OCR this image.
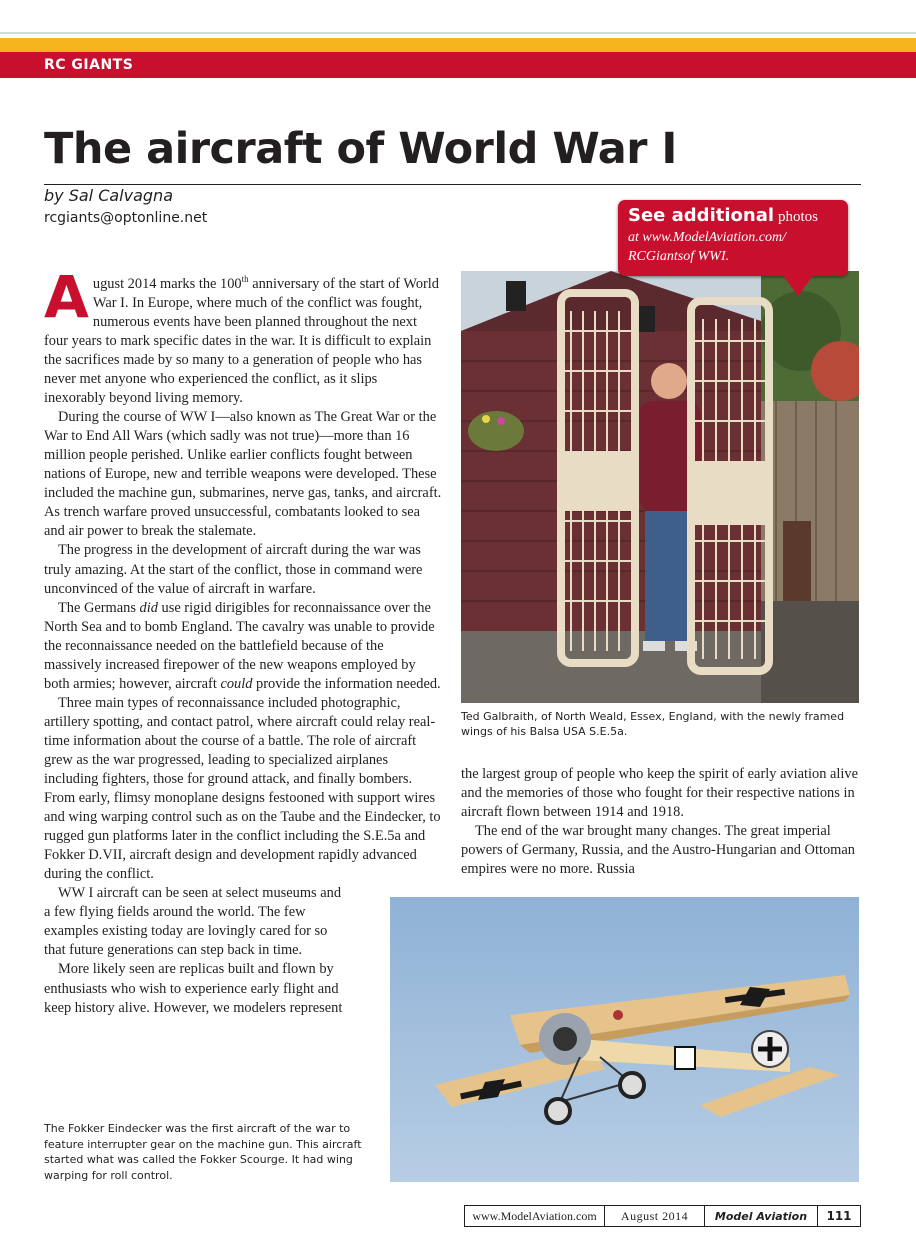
RC GIANTS
The aircraft of World War I
by Sal Calvagna
rcgiants@optonline.net

August 2014 marks the 100th anniversary of the start of World War I. In Europe, where much of the conflict was fought, numerous events have been planned throughout the next four years to mark specific dates in the war. It is difficult to explain the sacrifices made by so many to a generation of people who has never met anyone who experienced the conflict, as it slips inexorably beyond living memory.

During the course of WW I—also known as The Great War or the War to End All Wars (which sadly was not true)—more than 16 million people perished. Unlike earlier conflicts fought between nations of Europe, new and terrible weapons were developed. These included the machine gun, submarines, nerve gas, tanks, and aircraft. As trench warfare proved unsuccessful, combatants looked to sea and air power to break the stalemate.

The progress in the development of aircraft during the war was truly amazing. At the start of the conflict, those in command were unconvinced of the value of aircraft in warfare.

The Germans did use rigid dirigibles for reconnaissance over the North Sea and to bomb England. The cavalry was unable to provide the reconnaissance needed on the battlefield because of the massively increased firepower of the new weapons employed by both armies; however, aircraft could provide the information needed.

Three main types of reconnaissance included photographic, artillery spotting, and contact patrol, where aircraft could relay real-time information about the course of a battle. The role of aircraft grew as the war progressed, leading to specialized airplanes including fighters, those for ground attack, and finally bombers. From early, flimsy monoplane designs festooned with support wires and wing warping control such as on the Taube and the Eindecker, to rugged gun platforms later in the conflict including the S.E.5a and Fokker D.VII, aircraft design and development rapidly advanced during the conflict.

WW I aircraft can be seen at select museums and a few flying fields around the world. The few examples existing today are lovingly cared for so that future generations can step back in time.

More likely seen are replicas built and flown by enthusiasts who wish to experience early flight and keep history alive. However, we modelers represent

Ted Galbraith, of North Weald, Essex, England, with the newly framed wings of his Balsa USA S.E.5a.
See additional photos
at www.ModelAviation.com/
RCGiantsof WWI.

the largest group of people who keep the spirit of early aviation alive and the memories of those who fought for their respective nations in aircraft flown between 1914 and 1918.

The end of the war brought many changes. The great imperial powers of Germany, Russia, and the Austro-Hungarian and Ottoman empires were no more. Russia

The Fokker Eindecker was the first aircraft of the war to feature interrupter gear on the machine gun. This aircraft started what was called the Fokker Scourge. It had wing warping for roll control.
www.ModelAviation.com	August 2014	Model Aviation	111
